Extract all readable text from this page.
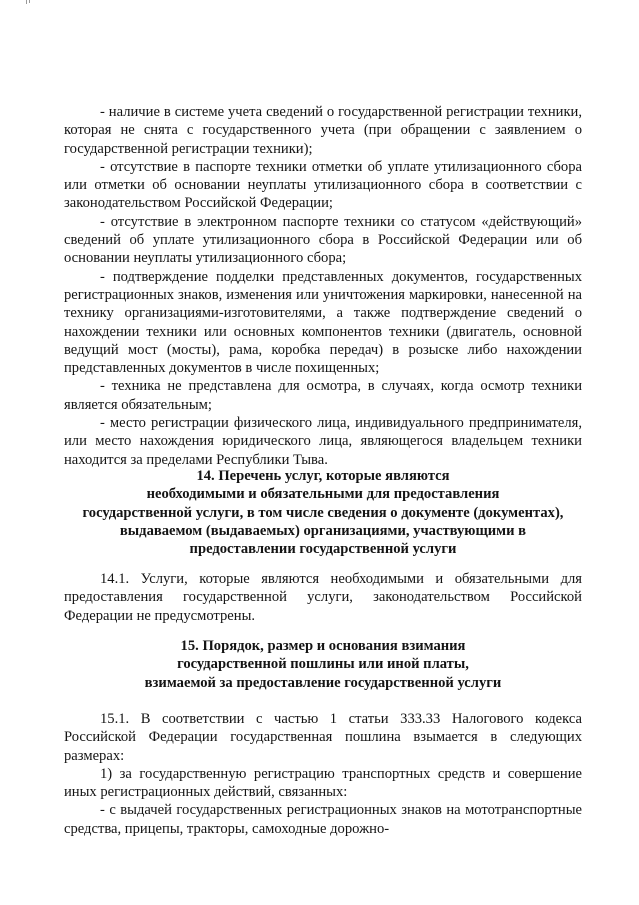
- наличие в системе учета сведений о государственной регистрации техники, которая не снята с государственного учета (при обращении с заявлением о государственной регистрации техники);

- отсутствие в паспорте техники отметки об уплате утилизационного сбора или отметки об основании неуплаты утилизационного сбора в соответствии с законодательством Российской Федерации;

- отсутствие в электронном паспорте техники со статусом «действующий» сведений об уплате утилизационного сбора в Российской Федерации или об основании неуплаты утилизационного сбора;

- подтверждение подделки представленных документов, государственных регистрационных знаков, изменения или уничтожения маркировки, нанесенной на технику организациями-изготовителями, а также подтверждение сведений о нахождении техники или основных компонентов техники (двигатель, основной ведущий мост (мосты), рама, коробка передач) в розыске либо нахождении представленных документов в числе похищенных;

- техника не представлена для осмотра, в случаях, когда осмотр техники является обязательным;

- место регистрации физического лица, индивидуального предпринимателя, или место нахождения юридического лица, являющегося владельцем техники находится за пределами Республики Тыва.

14. Перечень услуг, которые являются
необходимыми и обязательными для предоставления
государственной услуги, в том числе сведения о документе (документах),
выдаваемом (выдаваемых) организациями, участвующими в
предоставлении государственной услуги

14.1. Услуги, которые являются необходимыми и обязательными для предоставления государственной услуги, законодательством Российской Федерации не предусмотрены.

15. Порядок, размер и основания взимания
государственной пошлины или иной платы,
взимаемой за предоставление государственной услуги

15.1. В соответствии с частью 1 статьи 333.33 Налогового кодекса Российской Федерации государственная пошлина взымается в следующих размерах:

1) за государственную регистрацию транспортных средств и совершение иных регистрационных действий, связанных:

- с выдачей государственных регистрационных знаков на мототранспортные средства, прицепы, тракторы, самоходные дорожно-
